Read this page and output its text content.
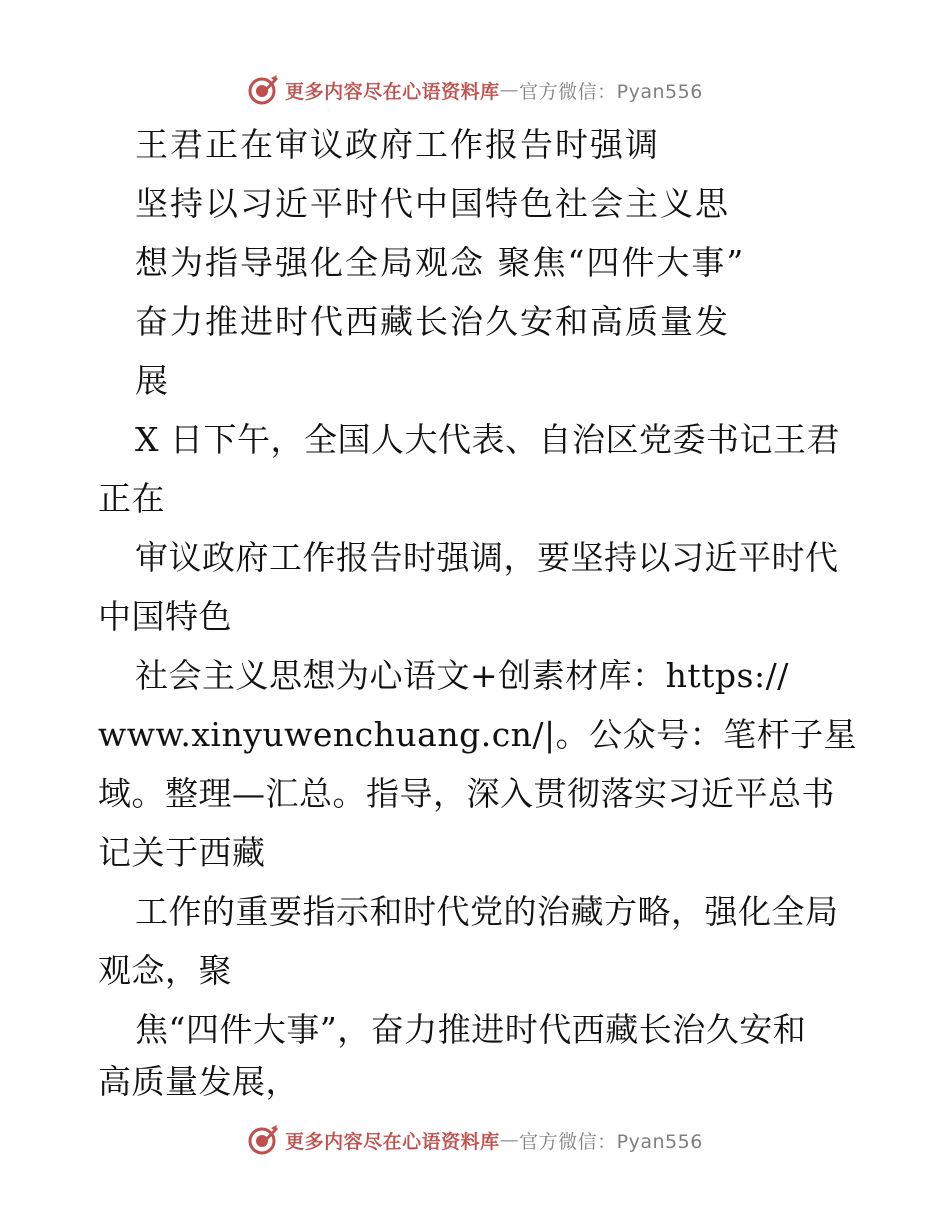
更多内容尽在心语资料库 — 官方微信：Pyan556
王君正在审议政府工作报告时强调
坚持以习近平时代中国特色社会主义思
想为指导强化全局观念 聚焦“四件大事”
奋力推进时代西藏长治久安和高质量发
展
X 日下午，全国人大代表、自治区党委书记王君
正在
审议政府工作报告时强调，要坚持以习近平时代
中国特色
社会主义思想为心语文+创素材库：https://
www.xinyuwenchuang.cn/|。公众号：笔杆子星
域。整理—汇总。指导，深入贯彻落实习近平总书
记关于西藏
工作的重要指示和时代党的治藏方略，强化全局
观念，聚
焦“四件大事”，奋力推进时代西藏长治久安和
高质量发展，
更多内容尽在心语资料库 — 官方微信：Pyan556
